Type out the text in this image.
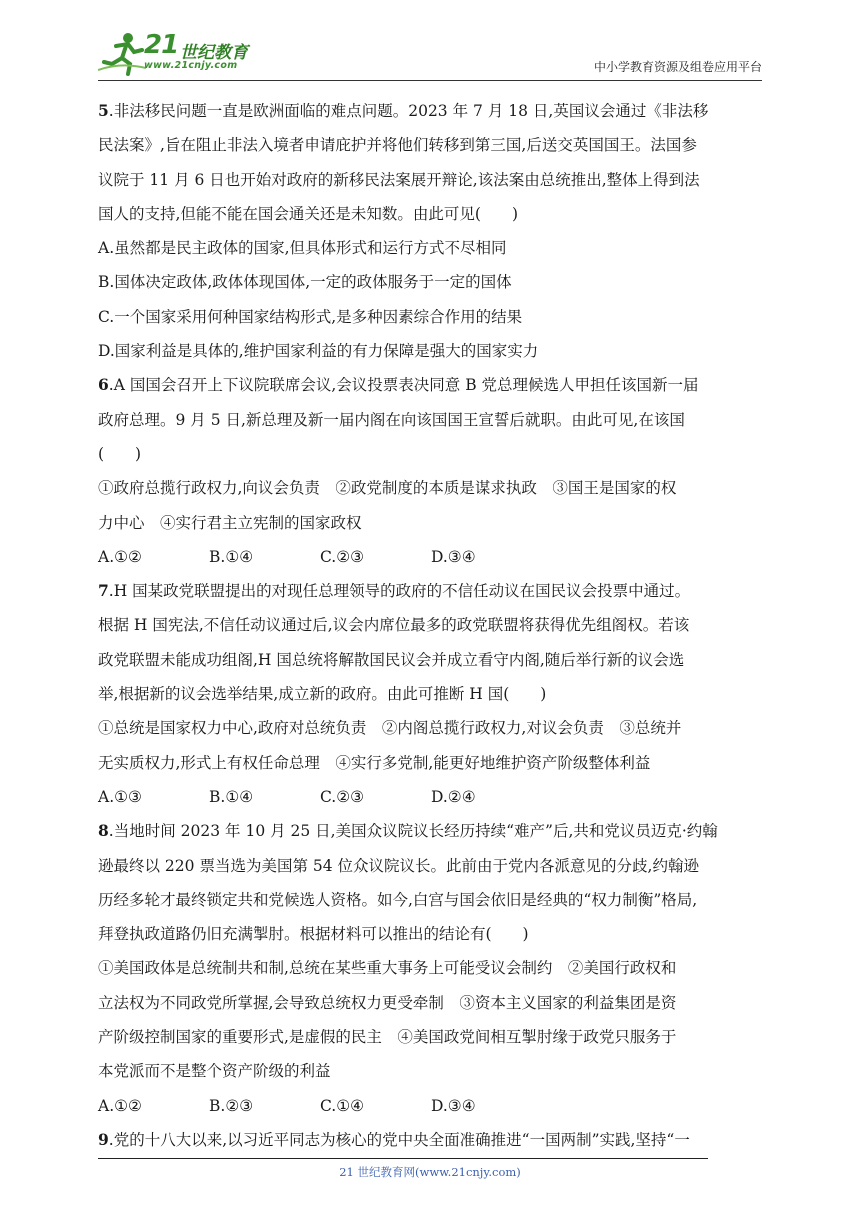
21 世纪教育
www.21cnjy.com	中小学教育资源及组卷应用平台
5.非法移民问题一直是欧洲面临的难点问题。2023 年 7 月 18 日,英国议会通过《非法移
民法案》,旨在阻止非法入境者申请庇护并将他们转移到第三国,后送交英国国王。法国参
议院于 11 月 6 日也开始对政府的新移民法案展开辩论,该法案由总统推出,整体上得到法
国人的支持,但能不能在国会通关还是未知数。由此可见(　　)
A.虽然都是民主政体的国家,但具体形式和运行方式不尽相同
B.国体决定政体,政体体现国体,一定的政体服务于一定的国体
C.一个国家采用何种国家结构形式,是多种因素综合作用的结果
D.国家利益是具体的,维护国家利益的有力保障是强大的国家实力
6.A 国国会召开上下议院联席会议,会议投票表决同意 B 党总理候选人甲担任该国新一届
政府总理。9 月 5 日,新总理及新一届内阁在向该国国王宣誓后就职。由此可见,在该国
(　　)
①政府总揽行政权力,向议会负责　②政党制度的本质是谋求执政　③国王是国家的权
力中心　④实行君主立宪制的国家政权
A.①②	B.①④	C.②③	D.③④
7.H 国某政党联盟提出的对现任总理领导的政府的不信任动议在国民议会投票中通过。
根据 H 国宪法,不信任动议通过后,议会内席位最多的政党联盟将获得优先组阁权。若该
政党联盟未能成功组阁,H 国总统将解散国民议会并成立看守内阁,随后举行新的议会选
举,根据新的议会选举结果,成立新的政府。由此可推断 H 国(　　)
①总统是国家权力中心,政府对总统负责　②内阁总揽行政权力,对议会负责　③总统并
无实质权力,形式上有权任命总理　④实行多党制,能更好地维护资产阶级整体利益
A.①③	B.①④	C.②③	D.②④
8.当地时间 2023 年 10 月 25 日,美国众议院议长经历持续“难产”后,共和党议员迈克·约翰
逊最终以 220 票当选为美国第 54 位众议院议长。此前由于党内各派意见的分歧,约翰逊
历经多轮才最终锁定共和党候选人资格。如今,白宫与国会依旧是经典的“权力制衡”格局,
拜登执政道路仍旧充满掣肘。根据材料可以推出的结论有(　　)
①美国政体是总统制共和制,总统在某些重大事务上可能受议会制约　②美国行政权和
立法权为不同政党所掌握,会导致总统权力更受牵制　③资本主义国家的利益集团是资
产阶级控制国家的重要形式,是虚假的民主　④美国政党间相互掣肘缘于政党只服务于
本党派而不是整个资产阶级的利益
A.①②	B.②③	C.①④	D.③④
9.党的十八大以来,以习近平同志为核心的党中央全面准确推进“一国两制”实践,坚持“一
21 世纪教育网(www.21cnjy.com)
